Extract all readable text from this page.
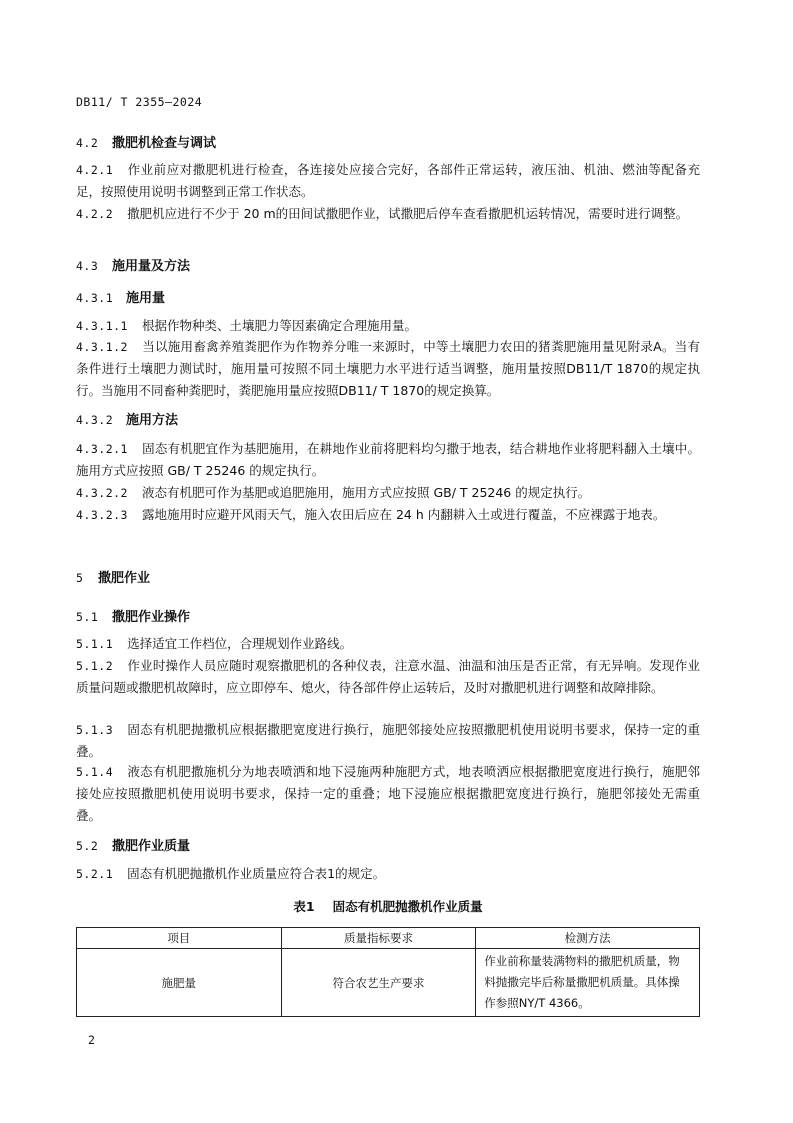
DB11/ T 2355—2024
4.2 撒肥机检查与调试
4.2.1 作业前应对撒肥机进行检查，各连接处应接合完好，各部件正常运转，液压油、机油、燃油等配备充足，按照使用说明书调整到正常工作状态。
4.2.2 撒肥机应进行不少于 20 m的田间试撒肥作业，试撒肥后停车查看撒肥机运转情况，需要时进行调整。
4.3 施用量及方法
4.3.1 施用量
4.3.1.1 根据作物种类、土壤肥力等因素确定合理施用量。
4.3.1.2 当以施用畜禽养殖粪肥作为作物养分唯一来源时，中等土壤肥力农田的猪粪肥施用量见附录A。当有条件进行土壤肥力测试时，施用量可按照不同土壤肥力水平进行适当调整，施用量按照DB11/T 1870的规定执行。当施用不同畜种粪肥时，粪肥施用量应按照DB11/ T 1870的规定换算。
4.3.2 施用方法
4.3.2.1 固态有机肥宜作为基肥施用，在耕地作业前将肥料均匀撒于地表，结合耕地作业将肥料翻入土壤中。施用方式应按照 GB/ T 25246 的规定执行。
4.3.2.2 液态有机肥可作为基肥或追肥施用，施用方式应按照 GB/ T 25246 的规定执行。
4.3.2.3 露地施用时应避开风雨天气，施入农田后应在 24 h 内翻耕入土或进行覆盖，不应裸露于地表。
5 撒肥作业
5.1 撒肥作业操作
5.1.1 选择适宜工作档位，合理规划作业路线。
5.1.2 作业时操作人员应随时观察撒肥机的各种仪表，注意水温、油温和油压是否正常，有无异响。发现作业质量问题或撒肥机故障时，应立即停车、熄火，待各部件停止运转后，及时对撒肥机进行调整和故障排除。
5.1.3 固态有机肥抛撒机应根据撒肥宽度进行换行，施肥邻接处应按照撒肥机使用说明书要求，保持一定的重叠。
5.1.4 液态有机肥撒施机分为地表喷洒和地下浸施两种施肥方式，地表喷洒应根据撒肥宽度进行换行，施肥邻接处应按照撒肥机使用说明书要求，保持一定的重叠；地下浸施应根据撒肥宽度进行换行，施肥邻接处无需重叠。
5.2 撒肥作业质量
5.2.1 固态有机肥抛撒机作业质量应符合表1的规定。
表1 固态有机肥抛撒机作业质量
项目	质量指标要求	检测方法
施肥量	符合农艺生产要求	作业前称量装满物料的撒肥机质量，物料抛撒完毕后称量撒肥机质量。具体操作参照NY/T 4366。
2
